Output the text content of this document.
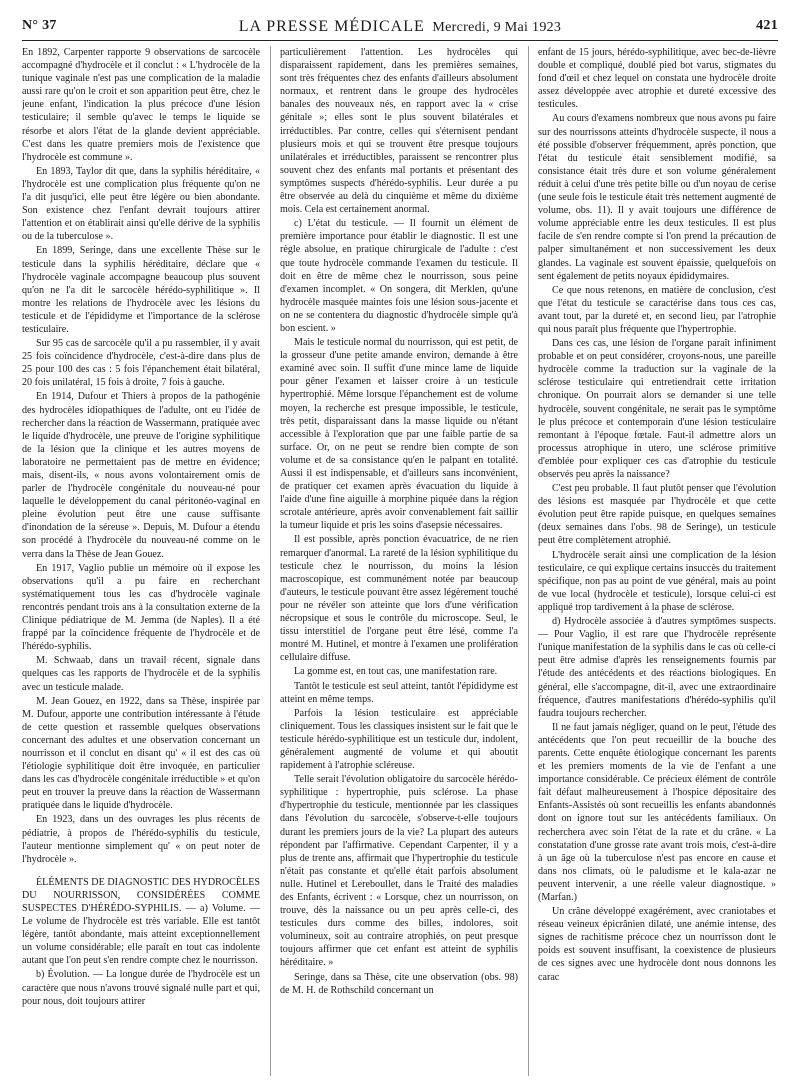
N° 37	LA PRESSE MÉDICALE Mercredi, 9 Mai 1923	421

En 1892, Carpenter rapporte 9 observations de sarcocèle accompagné d'hydrocèle et il conclut : « L'hydrocèle de la tunique vaginale n'est pas une complication de la maladie aussi rare qu'on le croit et son apparition peut être, chez le jeune enfant, l'indication la plus précoce d'une lésion testiculaire; il semble qu'avec le temps le liquide se résorbe et alors l'état de la glande devient appréciable. C'est dans les quatre premiers mois de l'existence que l'hydrocèle est commune ».

En 1893, Taylor dit que, dans la syphilis héréditaire, « l'hydrocèle est une complication plus fréquente qu'on ne l'a dit jusqu'ici, elle peut être légère ou bien abondante. Son existence chez l'enfant devrait toujours attirer l'attention et on établirait ainsi qu'elle dérive de la syphilis ou de la tuberculose ».

En 1899, Seringe, dans une excellente Thèse sur le testicule dans la syphilis héréditaire, déclare que « l'hydrocèle vaginale accompagne beaucoup plus souvent qu'on ne l'a dit le sarcocèle hérédo-syphilitique ». Il montre les relations de l'hydrocèle avec les lésions du testicule et de l'épididyme et l'importance de la sclérose testiculaire.

Sur 95 cas de sarcocèle qu'il a pu rassembler, il y avait 25 fois coïncidence d'hydrocèle, c'est-à-dire dans plus de 25 pour 100 des cas : 5 fois l'épanchement était bilatéral, 20 fois unilatéral, 15 fois à droite, 7 fois à gauche.

En 1914, Dufour et Thiers à propos de la pathogénie des hydrocèles idiopathiques de l'adulte, ont eu l'idée de rechercher dans la réaction de Wassermann, pratiquée avec le liquide d'hydrocèle, une preuve de l'origine syphilitique de la lésion que la clinique et les autres moyens de laboratoire ne permettaient pas de mettre en évidence; mais, disent-ils, « nous avons volontairement omis de parler de l'hydrocèle congénitale du nouveau-né pour laquelle le développement du canal péritonéo-vaginal en pleine évolution peut être une cause suffisante d'inondation de la séreuse ». Depuis, M. Dufour a étendu son procédé à l'hydrocèle du nouveau-né comme on le verra dans la Thèse de Jean Gouez.

En 1917, Vaglio publie un mémoire où il expose les observations qu'il a pu faire en recherchant systématiquement tous les cas d'hydrocèle vaginale rencontrés pendant trois ans à la consultation externe de la Clinique pédiatrique de M. Jemma (de Naples). Il a été frappé par la coïncidence fréquente de l'hydrocèle et de l'hérédo-syphilis.

M. Schwaab, dans un travail récent, signale dans quelques cas les rapports de l'hydrocèle et de la syphilis avec un testicule malade.

M. Jean Gouez, en 1922, dans sa Thèse, inspirée par M. Dufour, apporte une contribution intéressante à l'étude de cette question et rassemble quelques observations concernant des adultes et une observation concernant un nourrisson et il conclut en disant qu' « il est des cas où l'étiologie syphilitique doit être invoquée, en particulier dans les cas d'hydrocèle congénitale irréductible » et qu'on peut en trouver la preuve dans la réaction de Wassermann pratiquée dans le liquide d'hydrocèle.

En 1923, dans un des ouvrages les plus récents de pédiatrie, à propos de l'hérédo-syphilis du testicule, l'auteur mentionne simplement qu' « on peut noter de l'hydrocèle ».

ÉLÉMENTS DE DIAGNOSTIC DES HYDROCÈLES DU NOURRISSON, CONSIDÉRÉES COMME SUSPECTES D'HÉRÉDO-SYPHILIS. — a) Volume. — Le volume de l'hydrocèle est très variable. Elle est tantôt légère, tantôt abondante, mais atteint exceptionnellement un volume considérable; elle paraît en tout cas indolente autant que l'on peut s'en rendre compte chez le nourrisson.

b) Évolution. — La longue durée de l'hydrocèle est un caractère que nous n'avons trouvé signalé nulle part et qui, pour nous, doit toujours attirer

particulièrement l'attention. Les hydrocèles qui disparaissent rapidement, dans les premières semaines, sont très fréquentes chez des enfants d'ailleurs absolument normaux, et rentrent dans le groupe des hydrocèles banales des nouveaux nés, en rapport avec la « crise génitale »; elles sont le plus souvent bilatérales et irréductibles. Par contre, celles qui s'éternisent pendant plusieurs mois et qui se trouvent être presque toujours unilatérales et irréductibles, paraissent se rencontrer plus souvent chez des enfants mal portants et présentant des symptômes suspects d'hérédo-syphilis. Leur durée a pu être observée au delà du cinquième et même du dixième mois. Cela est certainement anormal.

c) L'état du testicule. — Il fournit un élément de première importance pour établir le diagnostic. Il est une règle absolue, en pratique chirurgicale de l'adulte : c'est que toute hydrocèle commande l'examen du testicule. Il doit en être de même chez le nourrisson, sous peine d'examen incomplet. « On songera, dit Merklen, qu'une hydrocèle masquée maintes fois une lésion sous-jacente et on ne se contentera du diagnostic d'hydrocèle simple qu'à bon escient. »

Mais le testicule normal du nourrisson, qui est petit, de la grosseur d'une petite amande environ, demande à être examiné avec soin. Il suffit d'une mince lame de liquide pour gêner l'examen et laisser croire à un testicule hypertrophié. Même lorsque l'épanchement est de volume moyen, la recherche est presque impossible, le testicule, très petit, disparaissant dans la masse liquide ou n'étant accessible à l'exploration que par une faible partie de sa surface. Or, on ne peut se rendre bien compte de son volume et de sa consistance qu'en le palpant en totalité. Aussi il est indispensable, et d'ailleurs sans inconvénient, de pratiquer cet examen après évacuation du liquide à l'aide d'une fine aiguille à morphine piquée dans la région scrotale antérieure, après avoir convenablement fait saillir la tumeur liquide et pris les soins d'asepsie nécessaires.

Il est possible, après ponction évacuatrice, de ne rien remarquer d'anormal. La rareté de la lésion syphilitique du testicule chez le nourrisson, du moins la lésion macroscopique, est communément notée par beaucoup d'auteurs, le testicule pouvant être assez légèrement touché pour ne révéler son atteinte que lors d'une vérification nécropsique et sous le contrôle du microscope. Seul, le tissu interstitiel de l'organe peut être lésé, comme l'a montré M. Hutinel, et montre à l'examen une prolifération cellulaire diffuse.

La gomme est, en tout cas, une manifestation rare.

Tantôt le testicule est seul atteint, tantôt l'épididyme est atteint en même temps.

Parfois la lésion testiculaire est appréciable cliniquement. Tous les classiques insistent sur le fait que le testicule hérédo-syphilitique est un testicule dur, indolent, généralement augmenté de volume et qui aboutit rapidement à l'atrophie scléreuse.

Telle serait l'évolution obligatoire du sarcocèle hérédo-syphilitique : hypertrophie, puis sclérose. La phase d'hypertrophie du testicule, mentionnée par les classiques dans l'évolution du sarcocèle, s'observe-t-elle toujours durant les premiers jours de la vie? La plupart des auteurs répondent par l'affirmative. Cependant Carpenter, il y a plus de trente ans, affirmait que l'hypertrophie du testicule n'était pas constante et qu'elle était parfois absolument nulle. Hutinel et Lereboullet, dans le Traité des maladies des Enfants, écrivent : « Lorsque, chez un nourrisson, on trouve, dès la naissance ou un peu après celle-ci, des testicules durs comme des billes, indolores, soit volumineux, soit au contraire atrophiés, on peut presque toujours affirmer que cet enfant est atteint de syphilis héréditaire. »

Seringe, dans sa Thèse, cite une observation (obs. 98) de M. H. de Rothschild concernant un

enfant de 15 jours, hérédo-syphilitique, avec bec-de-lièvre double et compliqué, doublé pied bot varus, stigmates du fond d'œil et chez lequel on constata une hydrocèle droite assez développée avec atrophie et dureté excessive des testicules.

Au cours d'examens nombreux que nous avons pu faire sur des nourrissons atteints d'hydrocèle suspecte, il nous a été possible d'observer fréquemment, après ponction, que l'état du testicule était sensiblement modifié, sa consistance était très dure et son volume généralement réduit à celui d'une très petite bille ou d'un noyau de cerise (une seule fois le testicule était très nettement augmenté de volume, obs. 11). Il y avait toujours une différence de volume appréciable entre les deux testicules. Il est plus facile de s'en rendre compte si l'on prend la précaution de palper simultanément et non successivement les deux glandes. La vaginale est souvent épaissie, quelquefois on sent également de petits noyaux épididymaires.

Ce que nous retenons, en matière de conclusion, c'est que l'état du testicule se caractérise dans tous ces cas, avant tout, par la dureté et, en second lieu, par l'atrophie qui nous paraît plus fréquente que l'hypertrophie.

Dans ces cas, une lésion de l'organe paraît infiniment probable et on peut considérer, croyons-nous, une pareille hydrocèle comme la traduction sur la vaginale de la sclérose testiculaire qui entretiendrait cette irritation chronique. On pourrait alors se demander si une telle hydrocèle, souvent congénitale, ne serait pas le symptôme le plus précoce et contemporain d'une lésion testiculaire remontant à l'époque fœtale. Faut-il admettre alors un processus atrophique in utero, une sclérose primitive d'emblée pour expliquer ces cas d'atrophie du testicule observés peu après la naissance?

C'est peu probable. Il faut plutôt penser que l'évolution des lésions est masquée par l'hydrocèle et que cette évolution peut être rapide puisque, en quelques semaines (deux semaines dans l'obs. 98 de Seringe), un testicule peut être complètement atrophié.

L'hydrocèle serait ainsi une complication de la lésion testiculaire, ce qui explique certains insuccès du traitement spécifique, non pas au point de vue général, mais au point de vue local (hydrocèle et testicule), lorsque celui-ci est appliqué trop tardivement à la phase de sclérose.

d) Hydrocèle associée à d'autres symptômes suspects. — Pour Vaglio, il est rare que l'hydrocèle représente l'unique manifestation de la syphilis dans le cas où celle-ci peut être admise d'après les renseignements fournis par l'étude des antécédents et des réactions biologiques. En général, elle s'accompagne, dit-il, avec une extraordinaire fréquence, d'autres manifestations d'hérédo-syphilis qu'il faudra toujours rechercher.

Il ne faut jamais négliger, quand on le peut, l'étude des antécédents que l'on peut recueillir de la bouche des parents. Cette enquête étiologique concernant les parents et les premiers moments de la vie de l'enfant a une importance considérable. Ce précieux élément de contrôle fait défaut malheureusement à l'hospice dépositaire des Enfants-Assistés où sont recueillis les enfants abandonnés dont on ignore tout sur les antécédents familiaux. On recherchera avec soin l'état de la rate et du crâne. « La constatation d'une grosse rate avant trois mois, c'est-à-dire à un âge où la tuberculose n'est pas encore en cause et dans nos climats, où le paludisme et le kala-azar ne peuvent intervenir, a une réelle valeur diagnostique. » (Marfan.)

Un crâne développé exagérément, avec craniotabes et réseau veineux épicrânien dilaté, une anémie intense, des signes de rachitisme précoce chez un nourrisson dont le poids est souvent insuffisant, la coexistence de plusieurs de ces signes avec une hydrocèle dont nous donnons les carac
